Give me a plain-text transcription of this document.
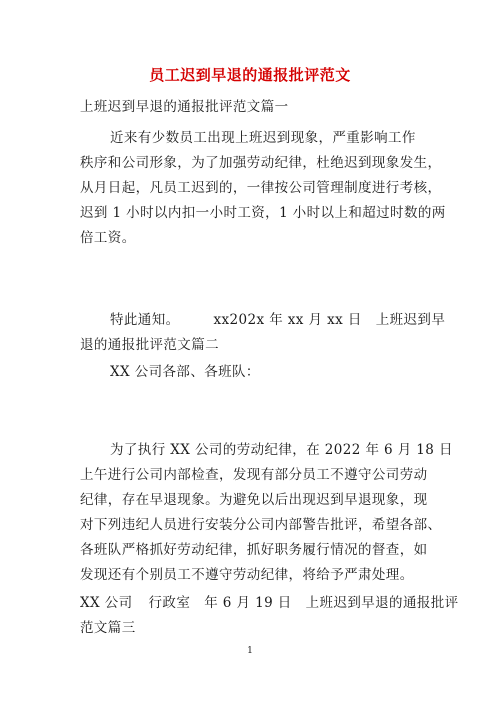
员工迟到早退的通报批评范文
上班迟到早退的通报批评范文篇一
近来有少数员工出现上班迟到现象，严重影响工作
秩序和公司形象，为了加强劳动纪律，杜绝迟到现象发生，
从月日起，凡员工迟到的，一律按公司管理制度进行考核，
迟到 1 小时以内扣一小时工资，1 小时以上和超过时数的两
倍工资。
特此通知。	xx202x 年 xx 月 xx 日 上班迟到早
退的通报批评范文篇二
XX 公司各部、各班队：
为了执行 XX 公司的劳动纪律，在 2022 年 6 月 18 日
上午进行公司内部检查，发现有部分员工不遵守公司劳动
纪律，存在早退现象。为避免以后出现迟到早退现象，现
对下列违纪人员进行安装分公司内部警告批评，希望各部、
各班队严格抓好劳动纪律，抓好职务履行情况的督查，如
发现还有个别员工不遵守劳动纪律，将给予严肃处理。
XX 公司 行政室 年 6 月 19 日 上班迟到早退的通报批评
范文篇三
1
